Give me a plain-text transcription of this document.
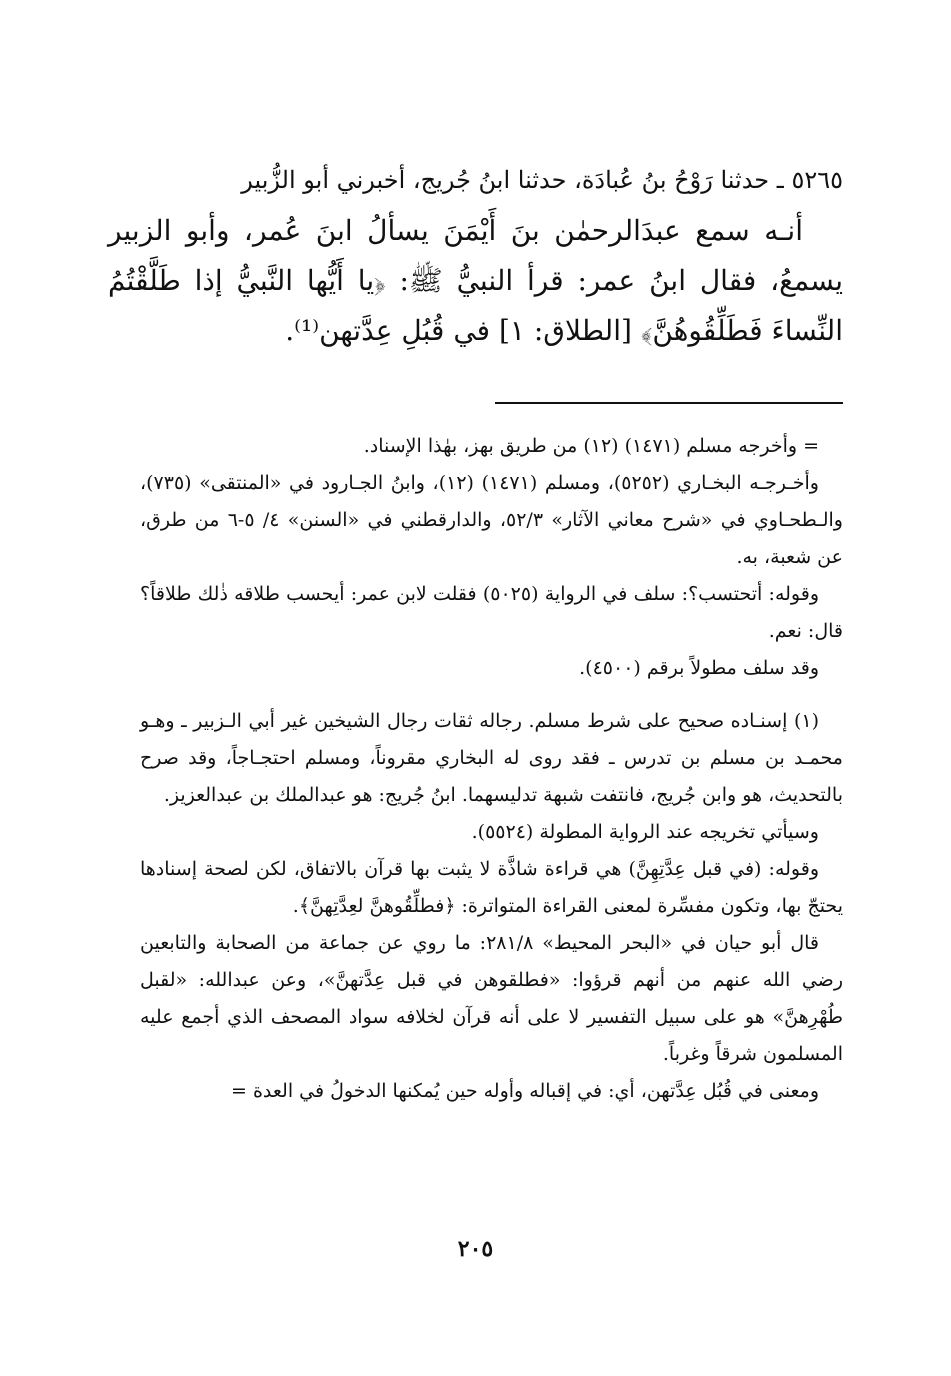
٥٢٦٥ ـ حدثنا رَوْحُ بنُ عُبادَة، حدثنا ابنُ جُريج، أخبرني أبو الزُّبير

أنـه سمع عبدَالرحمٰن بنَ أَيْمَنَ يسألُ ابنَ عُمر، وأبو الزبير يسمعُ، فقال ابنُ عمر: قرأ النبيُّ ﷺ: ﴿يا أَيُّها النَّبيُّ إذا طَلَّقْتُمُ النِّساءَ فَطَلِّقُوهُنَّ﴾ [الطلاق: ١] في قُبُلِ عِدَّتهن⁽¹⁾.

= وأخرجه مسلم (١٤٧١) (١٢) من طريق بهز، بهٰذا الإسناد.

وأخـرجـه البخـاري (٥٢٥٢)، ومسلم (١٤٧١) (١٢)، وابنُ الجـارود في «المنتقى» (٧٣٥)، والـطحـاوي في «شرح معاني الآثار» ٥٢/٣، والدارقطني في «السنن» ٤/ ٥-٦ من طرق، عن شعبة، به.

وقوله: أتحتسب؟: سلف في الرواية (٥٠٢٥) فقلت لابن عمر: أيحسب طلاقه ذٰلك طلاقاً؟ قال: نعم.

وقد سلف مطولاً برقم (٤٥٠٠).

(١) إسنـاده صحيح على شرط مسلم. رجاله ثقات رجال الشيخين غير أبي الـزبير ـ وهـو محمـد بن مسلم بن تدرس ـ فقد روى له البخاري مقروناً، ومسلم احتجـاجاً، وقد صرح بالتحديث، هو وابن جُريج، فانتفت شبهة تدليسهما. ابنُ جُريج: هو عبدالملك بن عبدالعزيز.

وسيأتي تخريجه عند الرواية المطولة (٥٥٢٤).

وقوله: (في قبل عِدَّتِهِنَّ) هي قراءة شاذَّة لا يثبت بها قرآن بالاتفاق، لكن لصحة إسنادها يحتجّ بها، وتكون مفسِّرة لمعنى القراءة المتواترة: ﴿فطلِّقُوهنَّ لعِدَّتِهنَّ﴾.

قال أبو حيان في «البحر المحيط» ٢٨١/٨: ما روي عن جماعة من الصحابة والتابعين رضي الله عنهم من أنهم قرؤوا: «فطلقوهن في قبل عِدَّتهنَّ»، وعن عبدالله: «لقبل طُهْرِهنَّ» هو على سبيل التفسير لا على أنه قرآن لخلافه سواد المصحف الذي أجمع عليه المسلمون شرقاً وغرباً.

ومعنى في قُبُل عِدَّتهن، أي: في إقباله وأوله حين يُمكنها الدخولُ في العدة =

٢٠٥
